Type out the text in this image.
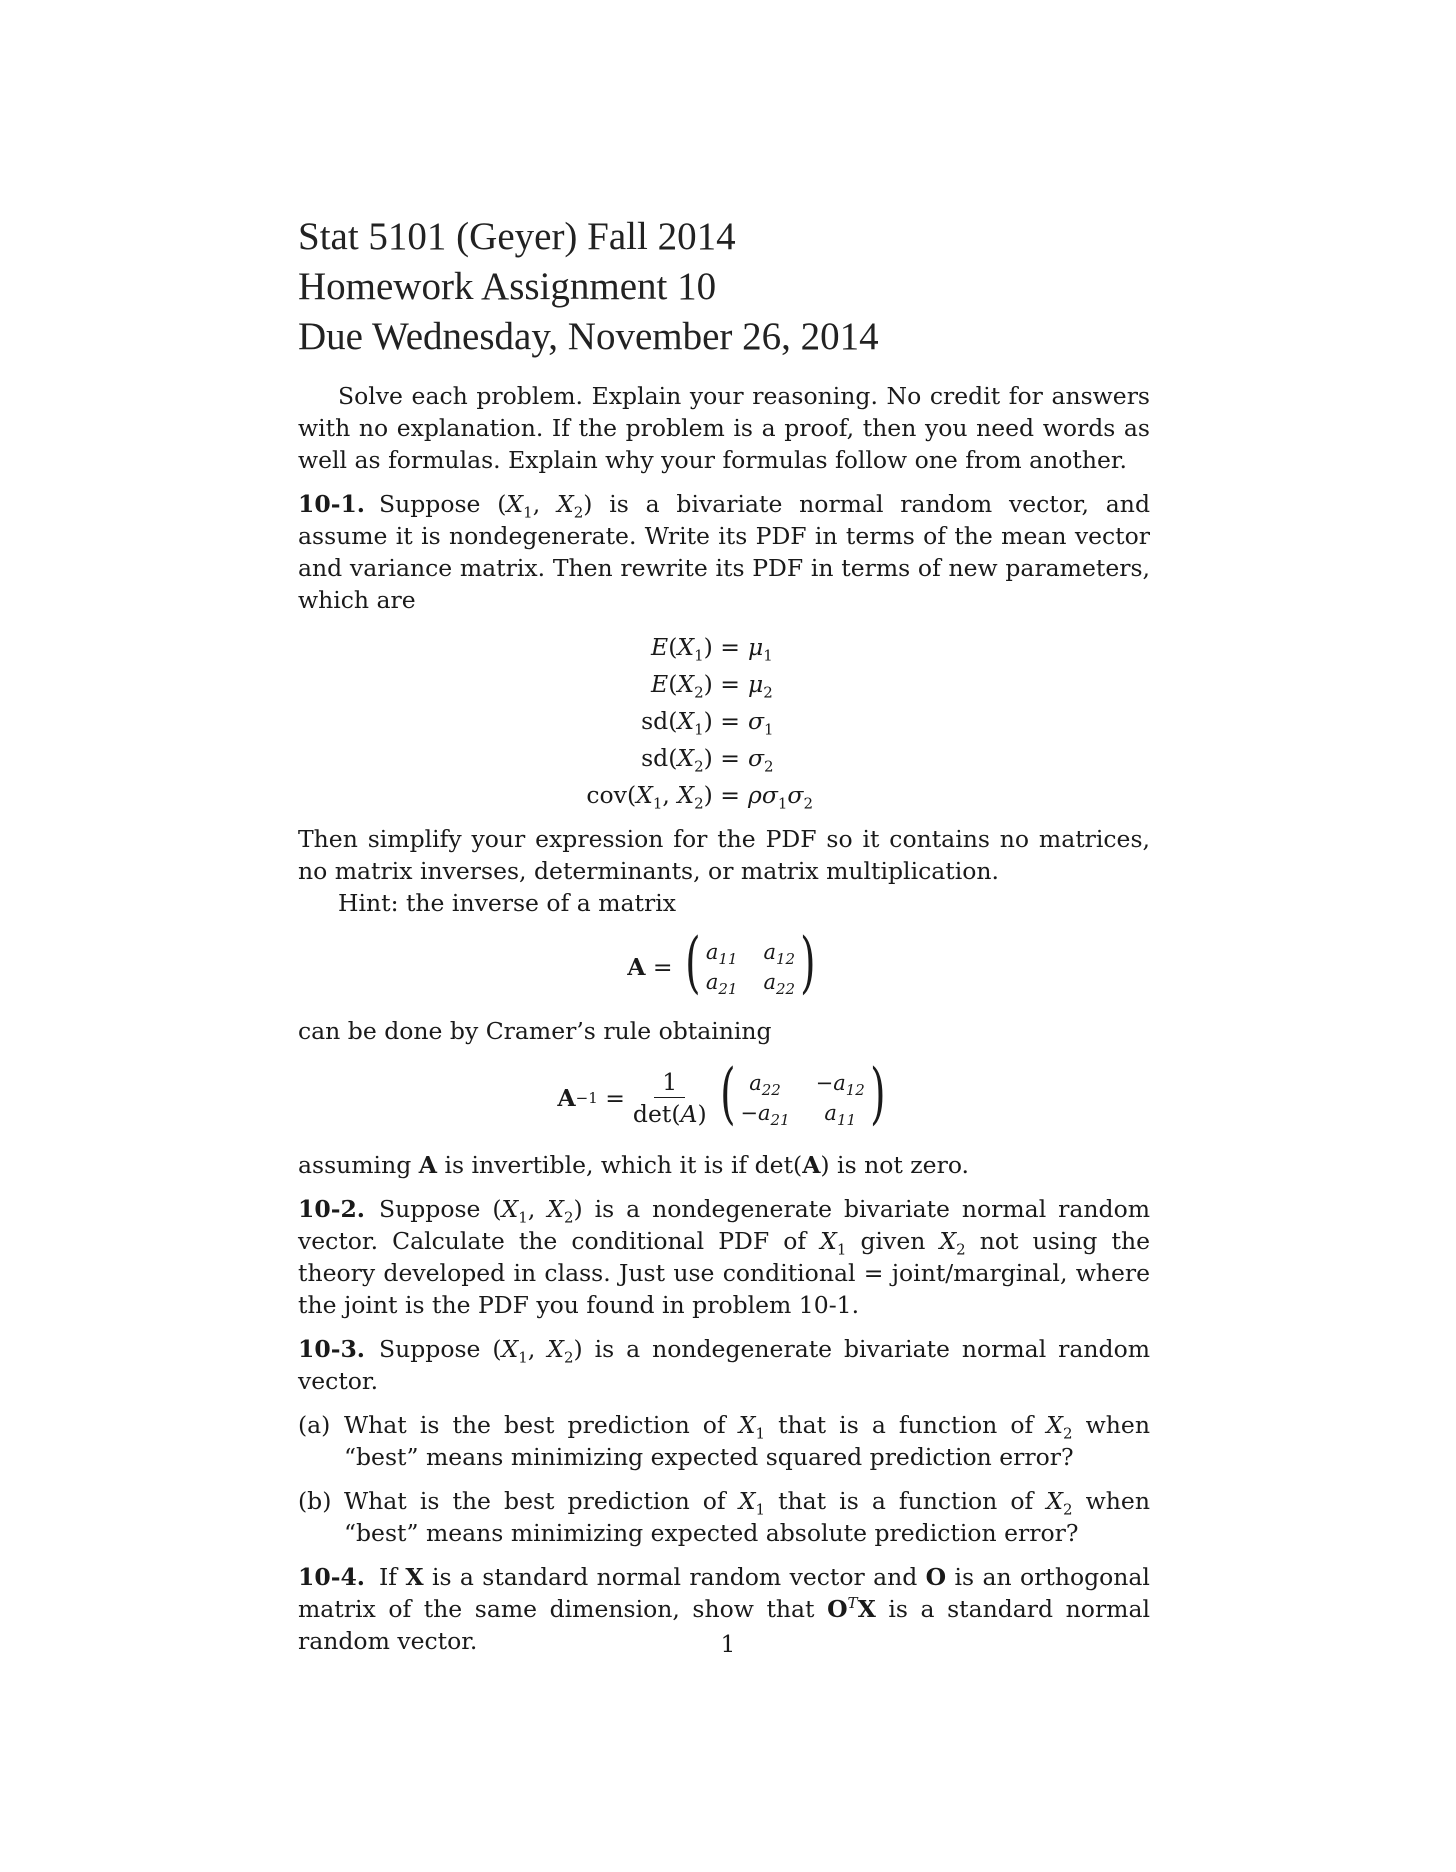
Stat 5101 (Geyer) Fall 2014
Homework Assignment 10
Due Wednesday, November 26, 2014

Solve each problem. Explain your reasoning. No credit for answers with no explanation. If the problem is a proof, then you need words as well as formulas. Explain why your formulas follow one from another.

10-1. Suppose ($X_1$, $X_2$) is a bivariate normal random vector, and assume it is nondegenerate. Write its PDF in terms of the mean vector and variance matrix. Then rewrite its PDF in terms of new parameters, which are

$E(X_1) = \mu_1$
$E(X_2) = \mu_2$
$sd(X_1) = \sigma_1$
$sd(X_2) = \sigma_2$
$cov(X_1$, $X_2) = \rho\sigma_1\sigma_2$

Then simplify your expression for the PDF so it contains no matrices, no matrix inverses, determinants, or matrix multiplication.

Hint: the inverse of a matrix

A = ( $a_{11}$ $a_{12}$
$a_{21}$ $a_{22}$ )

can be done by Cramer’s rule obtaining

$A -1 = \frac{1}{\det(A)}$ ( $a_{22}$	$-a_{12}$
$-a_{21}$	$a_{11}$ )

assuming A is invertible, which it is if det(A) is not zero.

10-2. Suppose ($X_1$, $X_2$) is a nondegenerate bivariate normal random vector. Calculate the conditional PDF of $X_1$ given $X_2$ not using the theory developed in class. Just use conditional = joint/marginal, where the joint is the PDF you found in problem 10-1.

10-3. Suppose ($X_1$, $X_2$) is a nondegenerate bivariate normal random vector.

(a) What is the best prediction of $X_1$ that is a function of $X_2$ when “best” means minimizing expected squared prediction error?
(b) What is the best prediction of $X_1$ that is a function of $X_2$ when “best” means minimizing expected absolute prediction error?

10-4. If X is a standard normal random vector and O is an orthogonal matrix of the same dimension, show that $O^TX$ is a standard normal random vector.	1
